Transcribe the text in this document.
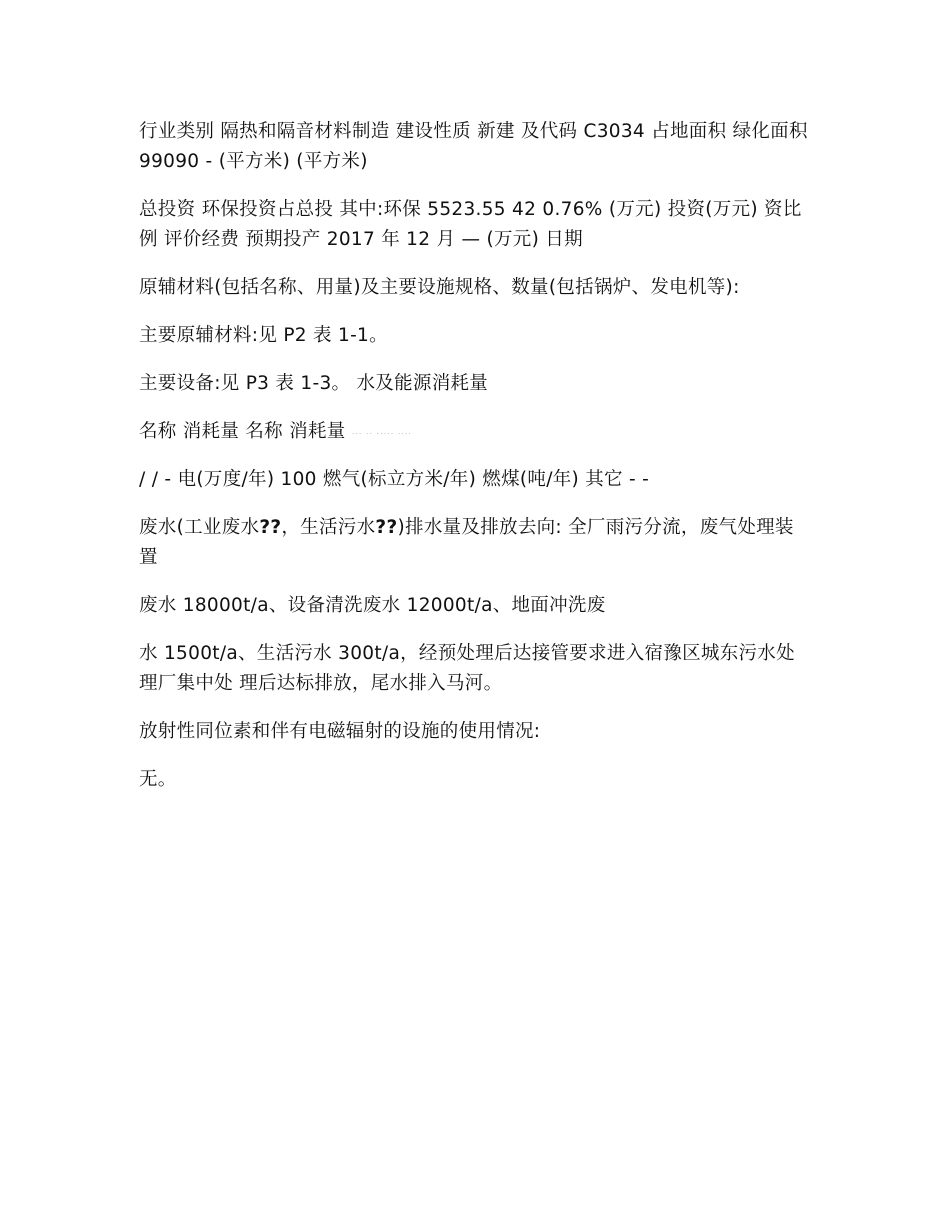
行业类别 隔热和隔音材料制造 建设性质 新建 及代码 C3034 占地面积 绿化面积 99090 - (平方米) (平方米)

总投资 环保投资占总投 其中:环保 5523.55 42 0.76% (万元) 投资(万元) 资比例 评价经费 预期投产 2017 年 12 月 — (万元) 日期

原辅材料(包括名称、用量)及主要设施规格、数量(包括锅炉、发电机等):

主要原辅材料:见 P2 表 1-1。

主要设备:见 P3 表 1-3。 水及能源消耗量

名称 消耗量 名称 消耗量 ... .. ..... ....

/ / - 电(万度/年) 100 燃气(标立方米/年) 燃煤(吨/年) 其它 - -

废水(工业废水??，生活污水??)排水量及排放去向: 全厂雨污分流，废气处理装置

废水 18000t/a、设备清洗废水 12000t/a、地面冲洗废

水 1500t/a、生活污水 300t/a，经预处理后达接管要求进入宿豫区城东污水处理厂集中处 理后达标排放，尾水排入马河。

放射性同位素和伴有电磁辐射的设施的使用情况:

无。
